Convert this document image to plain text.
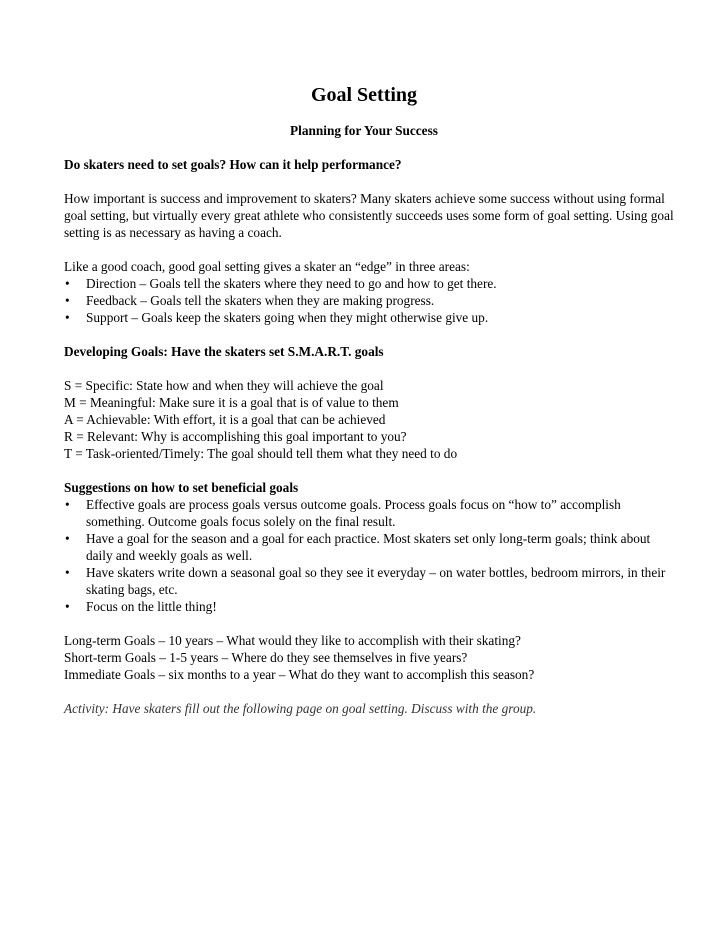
Goal Setting
Planning for Your Success

Do skaters need to set goals? How can it help performance?

How important is success and improvement to skaters? Many skaters achieve some success without using formal goal setting, but virtually every great athlete who consistently succeeds uses some form of goal setting. Using goal setting is as necessary as having a coach.

Like a good coach, good goal setting gives a skater an “edge” in three areas:

•	Direction – Goals tell the skaters where they need to go and how to get there.
•	Feedback – Goals tell the skaters when they are making progress.
•	Support – Goals keep the skaters going when they might otherwise give up.

Developing Goals: Have the skaters set S.M.A.R.T. goals

S = Specific: State how and when they will achieve the goal

M = Meaningful: Make sure it is a goal that is of value to them

A = Achievable: With effort, it is a goal that can be achieved

R = Relevant: Why is accomplishing this goal important to you?

T = Task-oriented/Timely: The goal should tell them what they need to do

Suggestions on how to set beneficial goals

•	Effective goals are process goals versus outcome goals. Process goals focus on “how to” accomplish something. Outcome goals focus solely on the final result.
•	Have a goal for the season and a goal for each practice. Most skaters set only long-term goals; think about daily and weekly goals as well.
•	Have skaters write down a seasonal goal so they see it everyday – on water bottles, bedroom mirrors, in their skating bags, etc.
•	Focus on the little thing!

Long-term Goals – 10 years – What would they like to accomplish with their skating?

Short-term Goals – 1-5 years – Where do they see themselves in five years?

Immediate Goals – six months to a year – What do they want to accomplish this season?

Activity: Have skaters fill out the following page on goal setting. Discuss with the group.
